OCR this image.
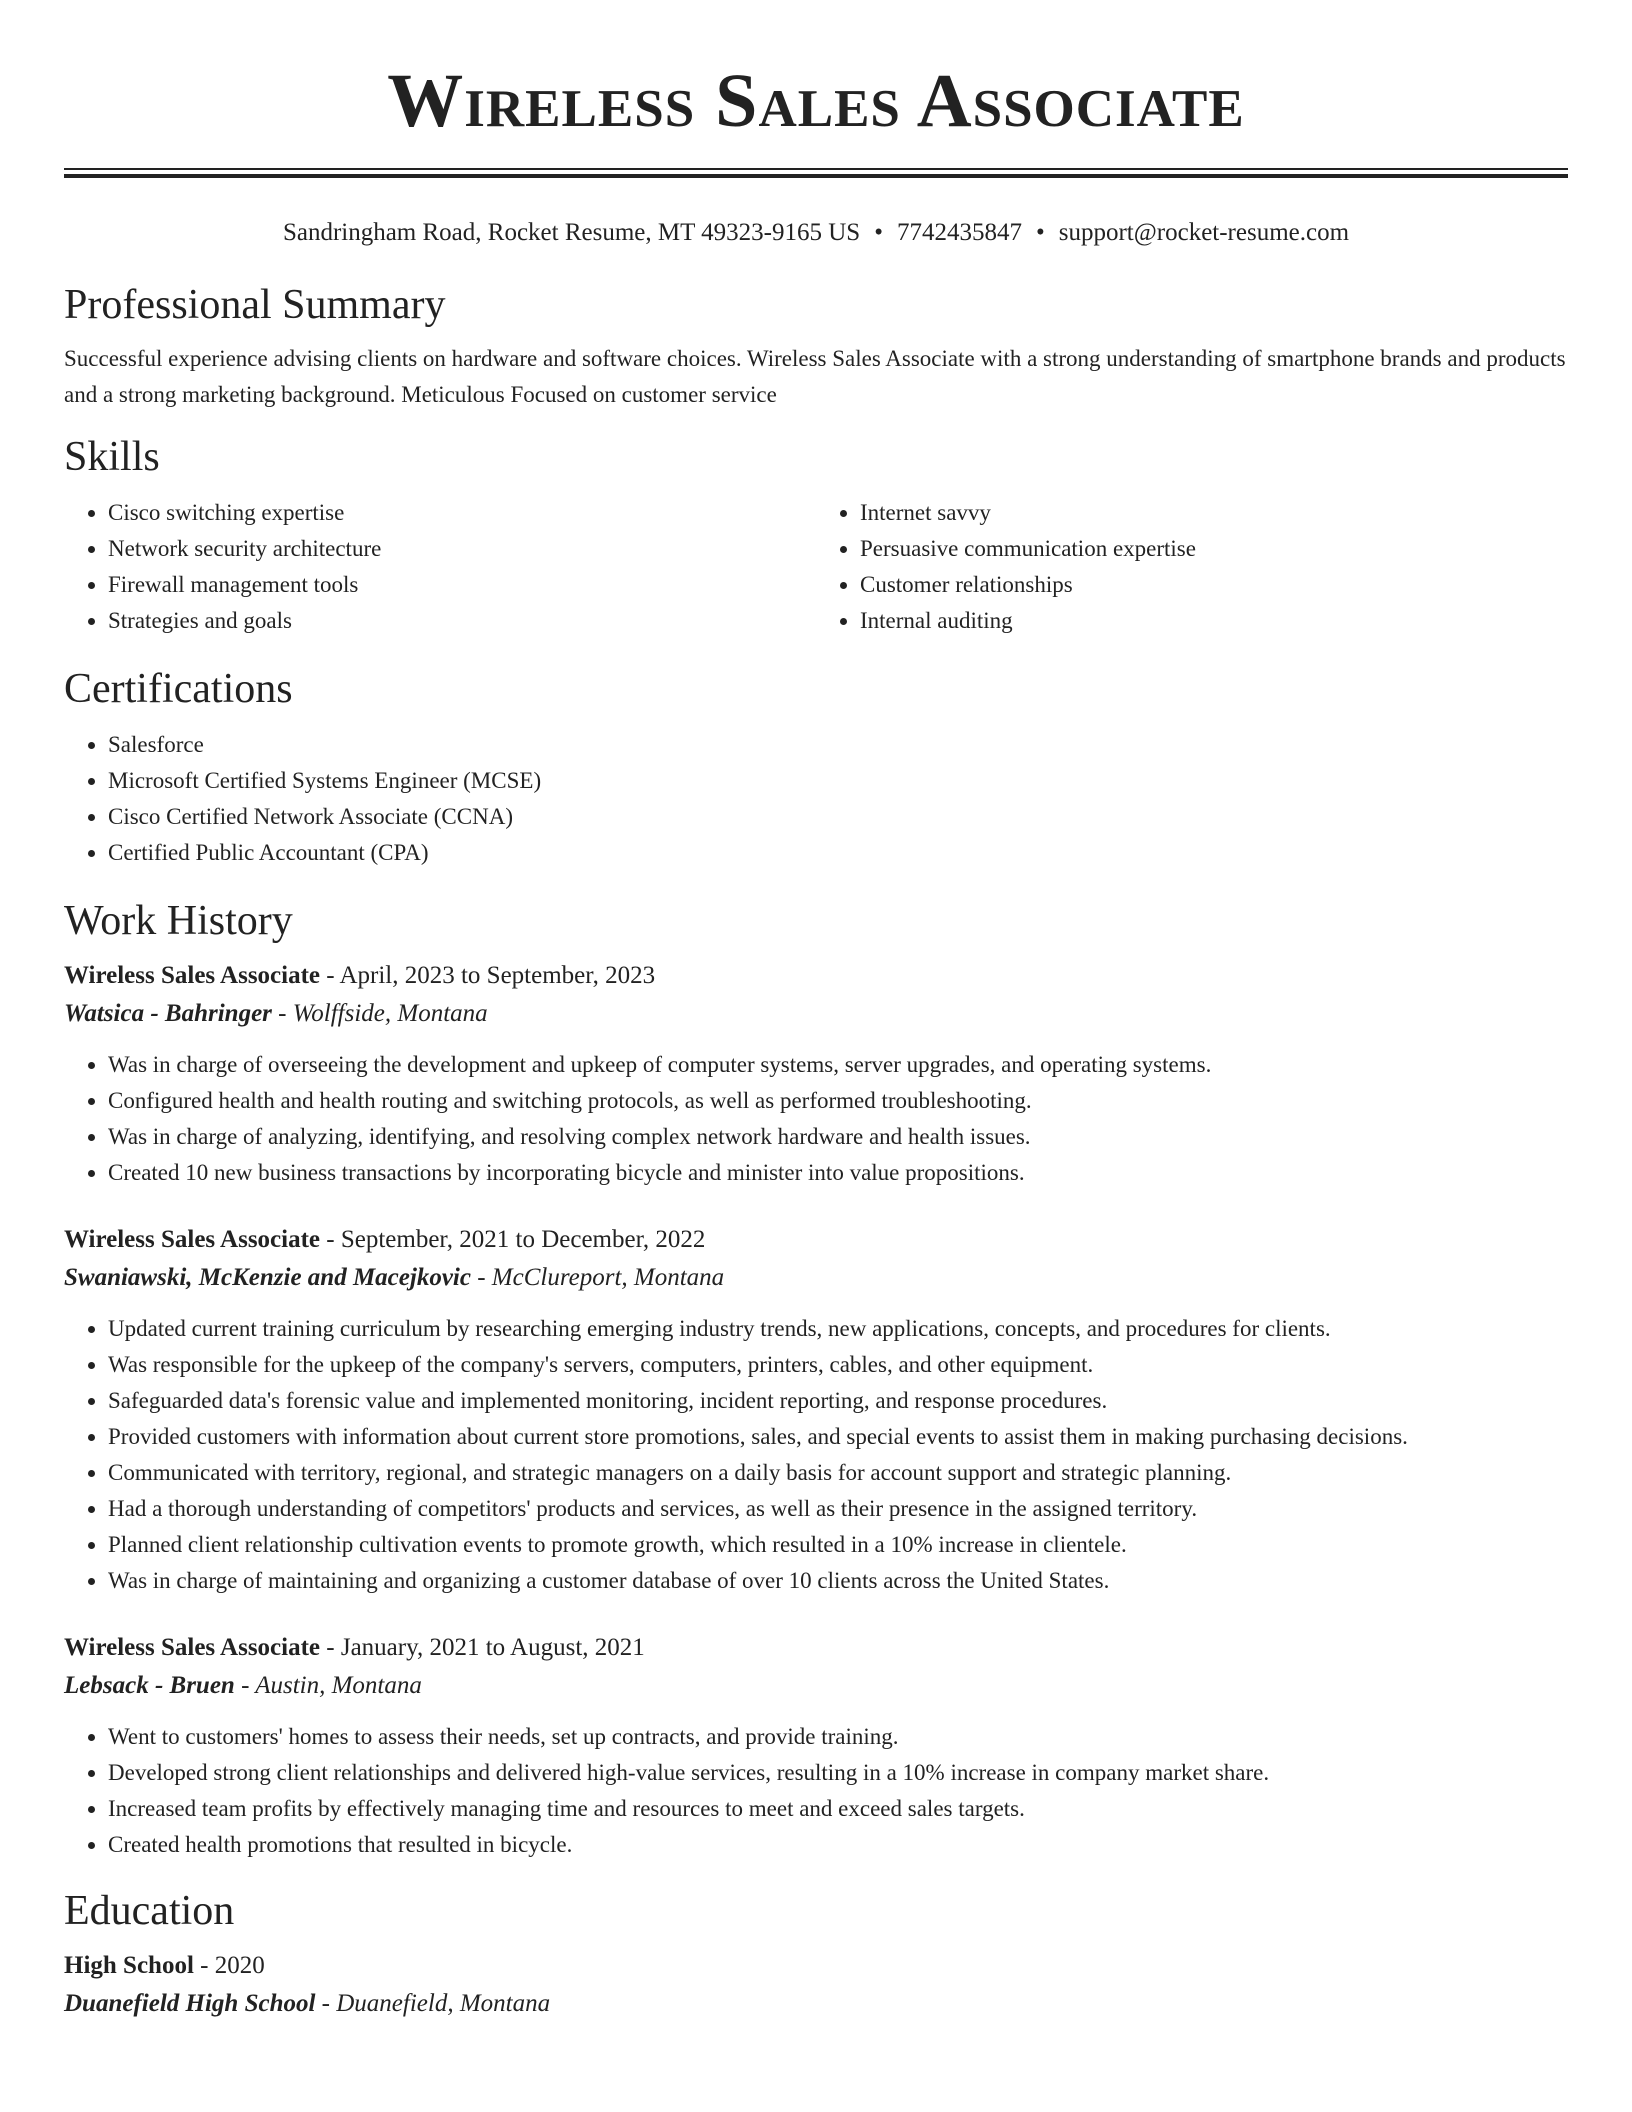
Wireless Sales Associate
Sandringham Road, Rocket Resume, MT 49323-9165 US • 7742435847 • support@rocket-resume.com
Professional Summary

Successful experience advising clients on hardware and software choices. Wireless Sales Associate with a strong understanding of smartphone brands and products and a strong marketing background. Meticulous Focused on customer service

Skills
• Cisco switching expertise
• Network security architecture
• Firewall management tools
• Strategies and goals
• Internet savvy
• Persuasive communication expertise
• Customer relationships
• Internal auditing
Certifications
• Salesforce
• Microsoft Certified Systems Engineer (MCSE)
• Cisco Certified Network Associate (CCNA)
• Certified Public Accountant (CPA)
Work History
Wireless Sales Associate - April, 2023 to September, 2023
Watsica - Bahringer - Wolffside, Montana
• Was in charge of overseeing the development and upkeep of computer systems, server upgrades, and operating systems.
• Configured health and health routing and switching protocols, as well as performed troubleshooting.
• Was in charge of analyzing, identifying, and resolving complex network hardware and health issues.
• Created 10 new business transactions by incorporating bicycle and minister into value propositions.
Wireless Sales Associate - September, 2021 to December, 2022
Swaniawski, McKenzie and Macejkovic - McClureport, Montana
• Updated current training curriculum by researching emerging industry trends, new applications, concepts, and procedures for clients.
• Was responsible for the upkeep of the company's servers, computers, printers, cables, and other equipment.
• Safeguarded data's forensic value and implemented monitoring, incident reporting, and response procedures.
• Provided customers with information about current store promotions, sales, and special events to assist them in making purchasing decisions.
• Communicated with territory, regional, and strategic managers on a daily basis for account support and strategic planning.
• Had a thorough understanding of competitors' products and services, as well as their presence in the assigned territory.
• Planned client relationship cultivation events to promote growth, which resulted in a 10% increase in clientele.
• Was in charge of maintaining and organizing a customer database of over 10 clients across the United States.
Wireless Sales Associate - January, 2021 to August, 2021
Lebsack - Bruen - Austin, Montana
• Went to customers' homes to assess their needs, set up contracts, and provide training.
• Developed strong client relationships and delivered high-value services, resulting in a 10% increase in company market share.
• Increased team profits by effectively managing time and resources to meet and exceed sales targets.
• Created health promotions that resulted in bicycle.
Education
High School - 2020
Duanefield High School - Duanefield, Montana
